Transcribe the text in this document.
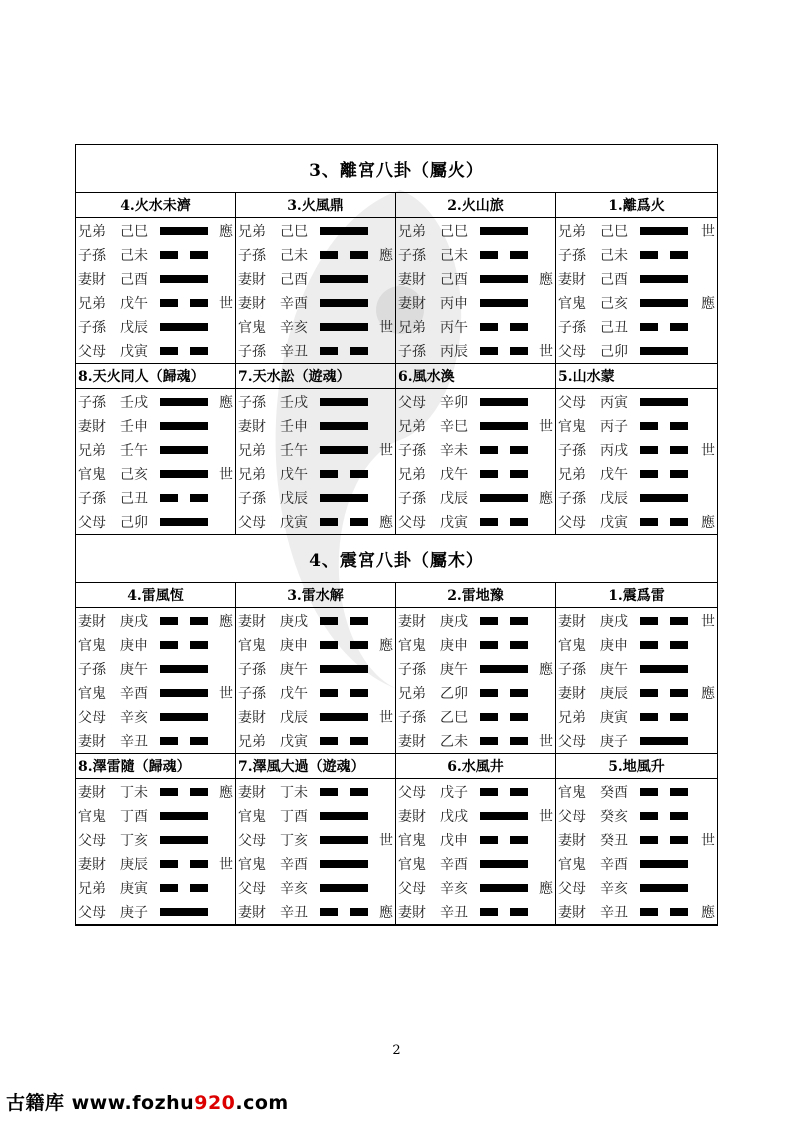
3、離宮八卦（屬火）
4.火水未濟
兄弟	己巳	應
子孫	己未
妻財	己酉
兄弟	戊午	世
子孫	戊辰
父母	戊寅
3.火風鼎
兄弟	己巳
子孫	己未	應
妻財	己酉
妻財	辛酉
官鬼	辛亥	世
子孫	辛丑
2.火山旅
兄弟	己巳
子孫	己未
妻財	己酉	應
妻財	丙申
兄弟	丙午
子孫	丙辰	世
1.離爲火
兄弟	己巳	世
子孫	己未
妻財	己酉
官鬼	己亥	應
子孫	己丑
父母	己卯
8.天火同人（歸魂）
子孫	壬戌	應
妻財	壬申
兄弟	壬午
官鬼	己亥	世
子孫	己丑
父母	己卯
7.天水訟（遊魂）
子孫	壬戌
妻財	壬申
兄弟	壬午	世
兄弟	戊午
子孫	戊辰
父母	戊寅	應
6.風水渙
父母	辛卯
兄弟	辛巳	世
子孫	辛未
兄弟	戊午
子孫	戊辰	應
父母	戊寅
5.山水蒙
父母	丙寅
官鬼	丙子
子孫	丙戌	世
兄弟	戊午
子孫	戊辰
父母	戊寅	應
4、震宮八卦（屬木）
4.雷風恆
妻財	庚戌	應
官鬼	庚申
子孫	庚午
官鬼	辛酉	世
父母	辛亥
妻財	辛丑
3.雷水解
妻財	庚戌
官鬼	庚申	應
子孫	庚午
子孫	戊午
妻財	戊辰	世
兄弟	戊寅
2.雷地豫
妻財	庚戌
官鬼	庚申
子孫	庚午	應
兄弟	乙卯
子孫	乙巳
妻財	乙未	世
1.震爲雷
妻財	庚戌	世
官鬼	庚申
子孫	庚午
妻財	庚辰	應
兄弟	庚寅
父母	庚子
8.澤雷隨（歸魂）
妻財	丁未	應
官鬼	丁酉
父母	丁亥
妻財	庚辰	世
兄弟	庚寅
父母	庚子
7.澤風大過（遊魂）
妻財	丁未
官鬼	丁酉
父母	丁亥	世
官鬼	辛酉
父母	辛亥
妻財	辛丑	應
6.水風井
父母	戊子
妻財	戊戌	世
官鬼	戊申
官鬼	辛酉
父母	辛亥	應
妻財	辛丑
5.地風升
官鬼	癸酉
父母	癸亥
妻財	癸丑	世
官鬼	辛酉
父母	辛亥
妻財	辛丑	應
2
古籍库 www.fozhu920.com
